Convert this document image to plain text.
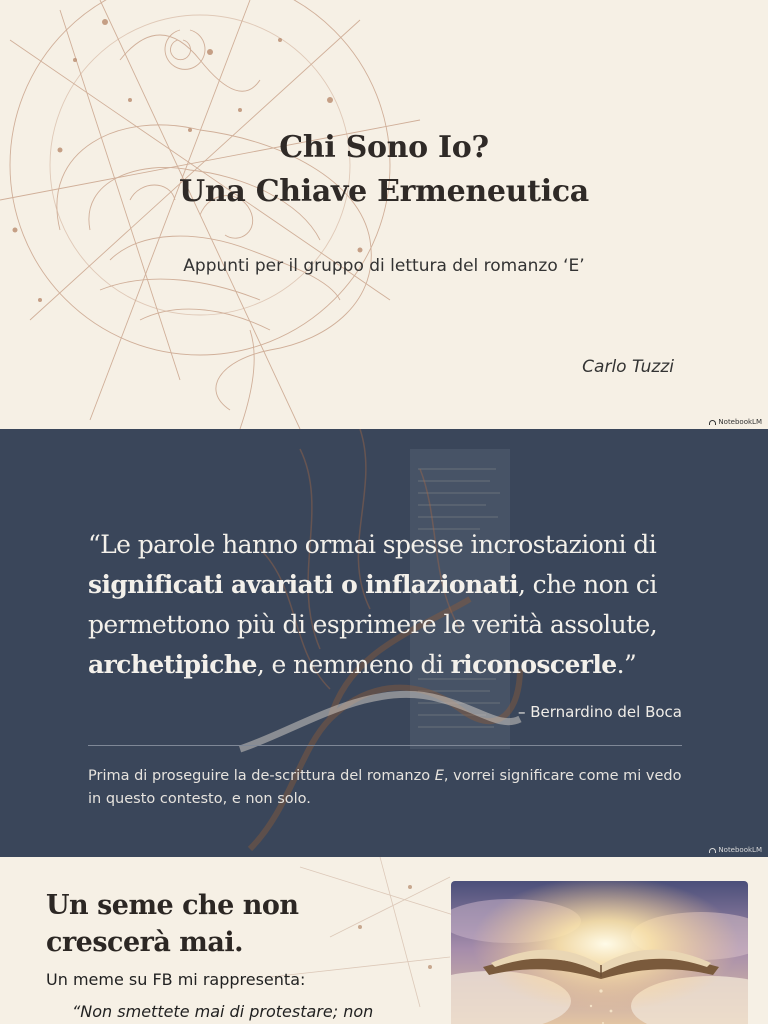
Chi Sono Io?
Una Chiave Ermeneutica
Appunti per il gruppo di lettura del romanzo ‘E’
Carlo Tuzzi
NotebookLM
“Le parole hanno ormai spesse incrostazioni di significati avariati o inflazionati, che non ci permettono più di esprimere le verità assolute, archetipiche, e nemmeno di riconoscerle.”
– Bernardino del Boca
Prima di proseguire la de-scrittura del romanzo E, vorrei significare come mi vedo in questo contesto, e non solo.
NotebookLM
Un seme che non crescerà mai.
Un meme su FB mi rappresenta:
“Non smettete mai di protestare; non
